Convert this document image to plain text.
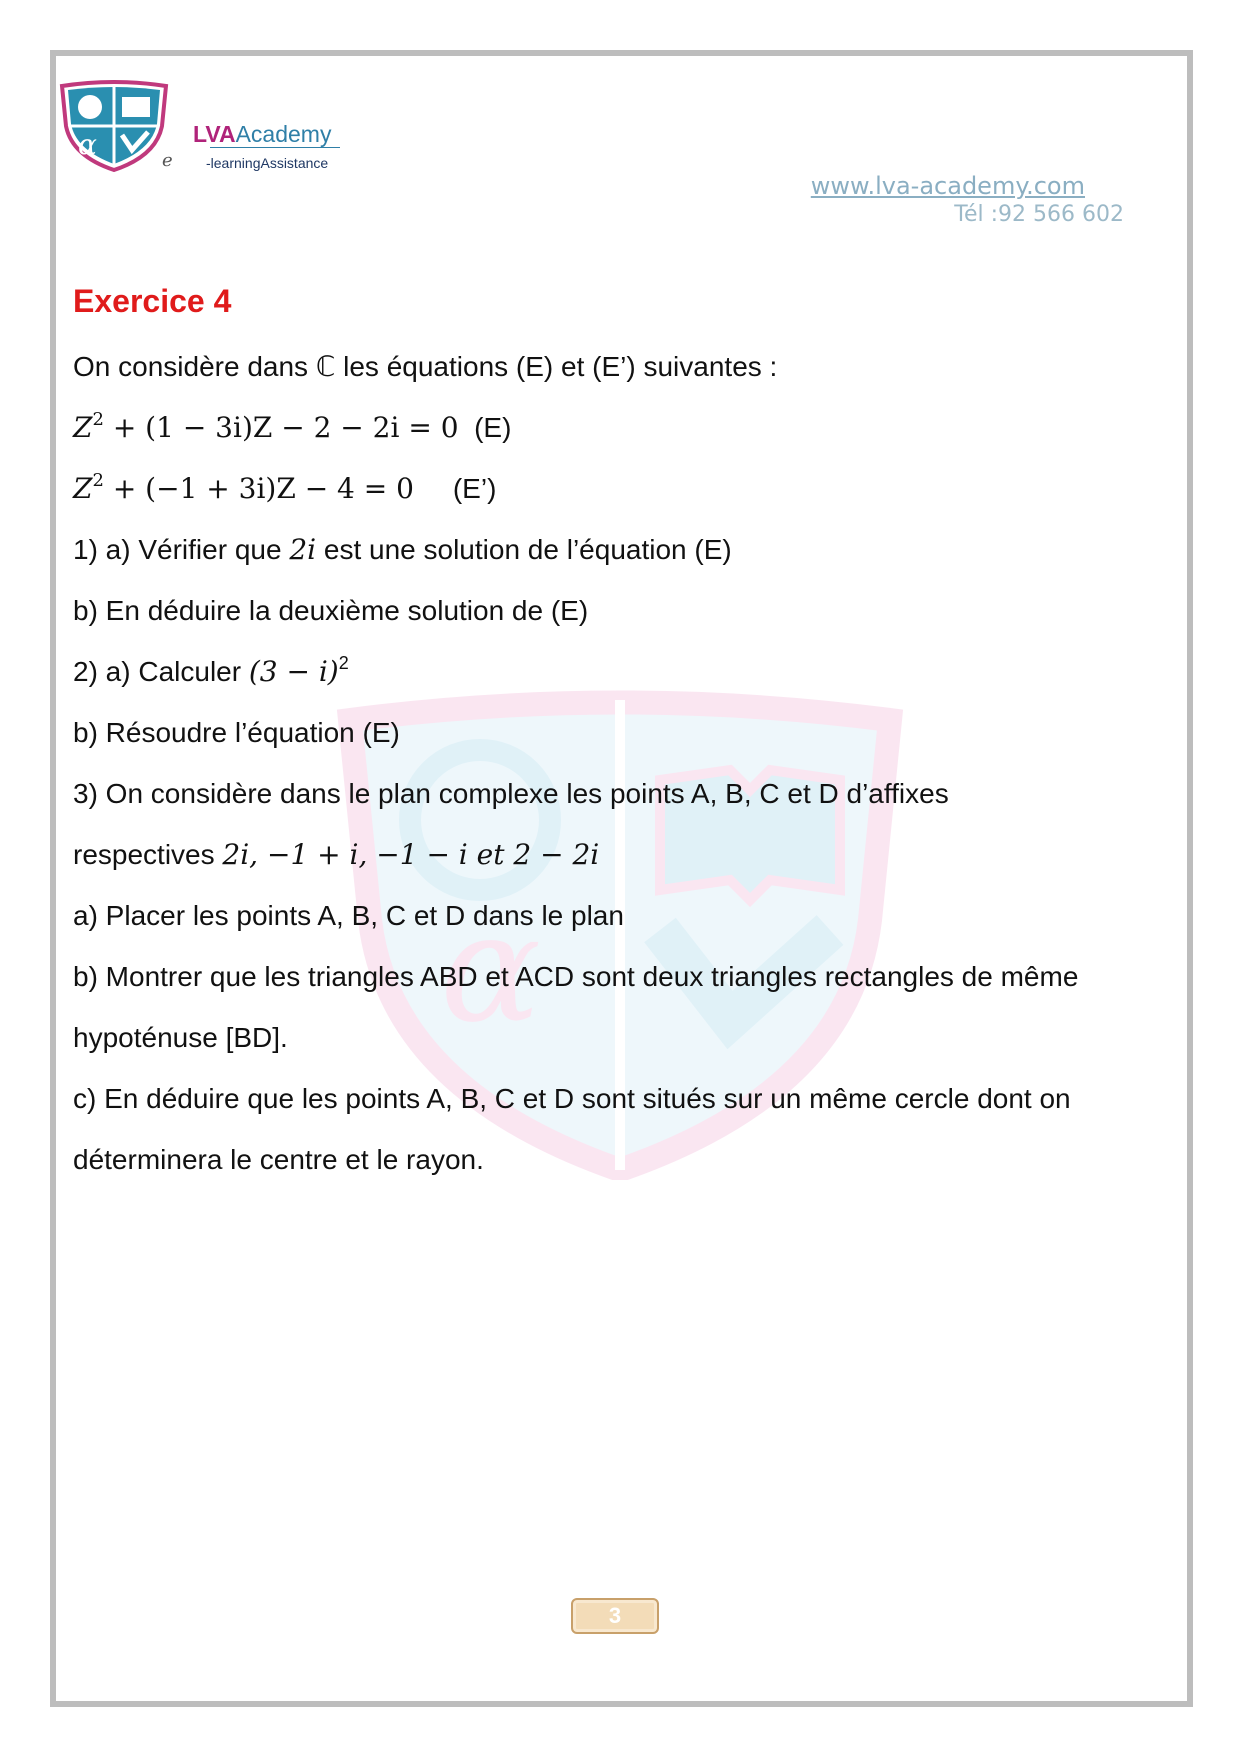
α
α	e
LVAAcademy
-learningAssistance
www.lva-academy.com
Tél :92 566 602
Exercice 4
On considère dans ℂ les équations (E) et (E’) suivantes :
$Z^2 + (1 - 3i)Z - 2 - 2i = 0$ (E)
$Z^2 + (-1 + 3i)Z - 4 = 0$ (E’)
1) a) Vérifier que 2i est une solution de l’équation (E)
b) En déduire la deuxième solution de (E)
2) a) Calculer $(3 - i)^2$
b) Résoudre l’équation (E)
3) On considère dans le plan complexe les points A, B, C et D d’affixes
respectives 2i, −1 + i, −1 − i et 2 − 2i
a) Placer les points A, B, C et D dans le plan
b) Montrer que les triangles ABD et ACD sont deux triangles rectangles de même
hypoténuse [BD].
c) En déduire que les points A, B, C et D sont situés sur un même cercle dont on
déterminera le centre et le rayon.
3
